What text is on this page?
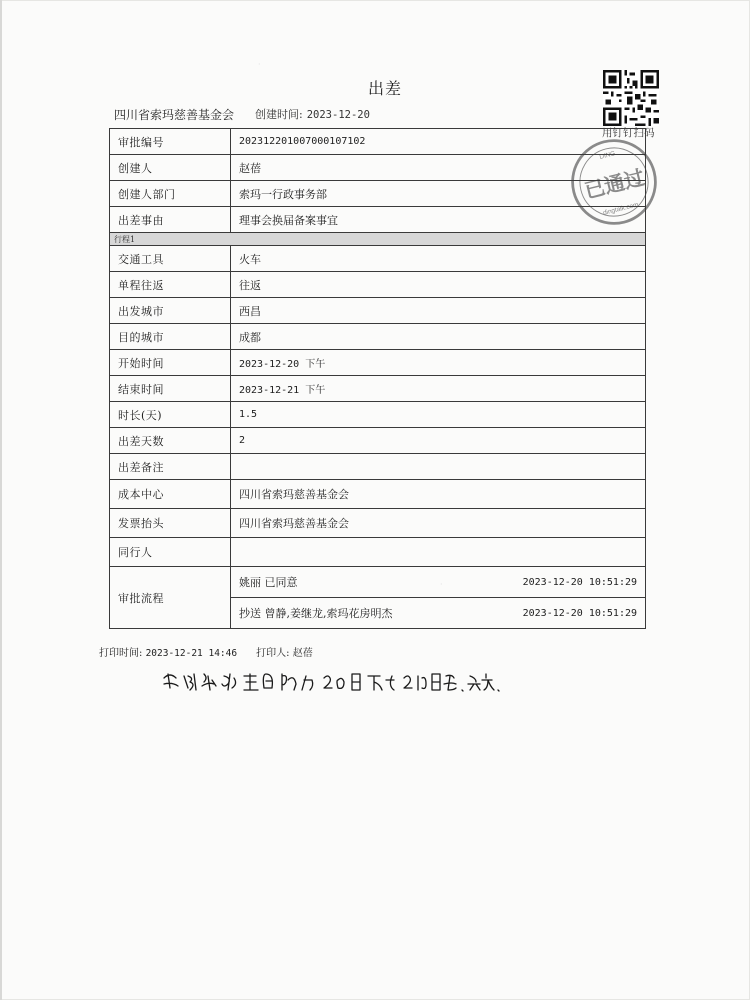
出差
四川省索玛慈善基金会 创建时间: 2023-12-20
用钉钉扫码
DING
已通过
dingtalk.com
审批编号	202312201007000107102
创建人	赵蓓
创建人部门	索玛一行政事务部
出差事由	理事会换届备案事宜
行程1	
交通工具	火车
单程往返	往返
出发城市	西昌
目的城市	成都
开始时间	2023-12-20 下午
结束时间	2023-12-21 下午
时长(天)	1.5
出差天数	2
出差备注	
成本中心	四川省索玛慈善基金会
发票抬头	四川省索玛慈善基金会
同行人	
审批流程	姚丽 已同意 2023-12-20 10:51:29
抄送 曾静,姜继龙,索玛花房明杰 2023-12-20 10:51:29
打印时间: 2023-12-21 14:46 打印人: 赵蓓
·
·
